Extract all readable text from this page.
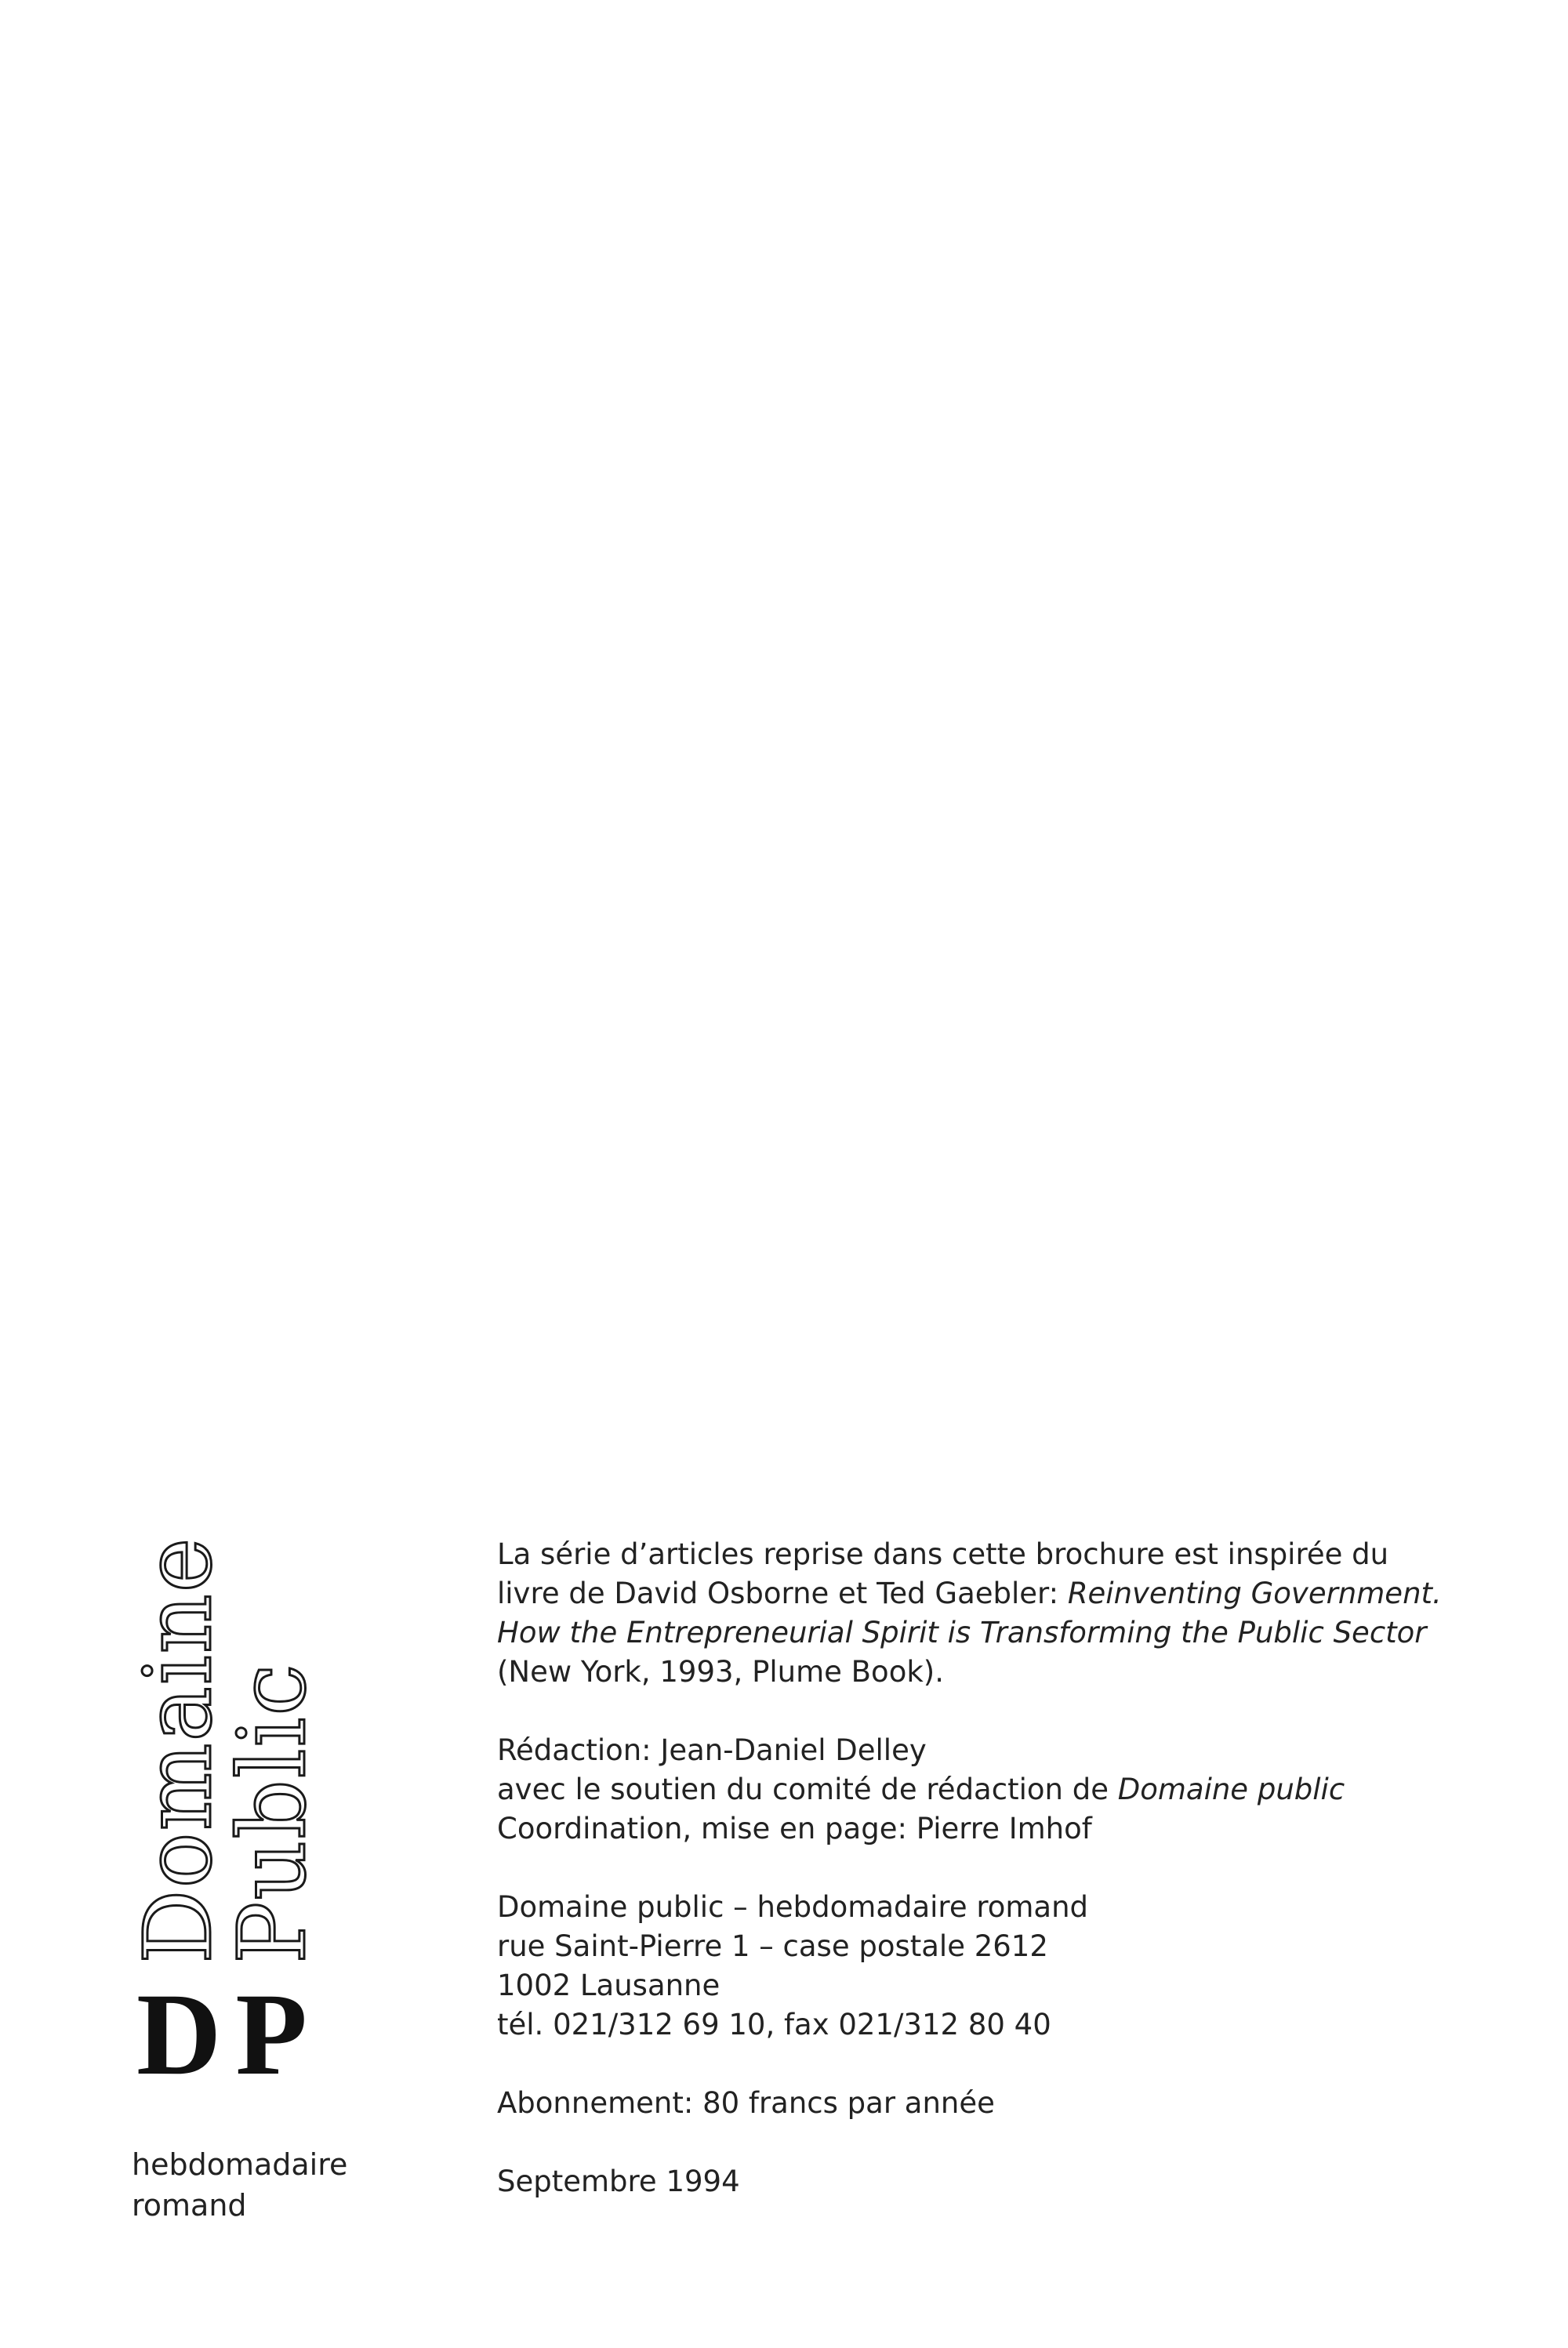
Domaine
Public
DP
hebdomadaire
romand

La série d’articles reprise dans cette brochure est inspirée du
livre de David Osborne et Ted Gaebler: Reinventing Government.
How the Entrepreneurial Spirit is Transforming the Public Sector
(New York, 1993, Plume Book).

Rédaction: Jean-Daniel Delley
avec le soutien du comité de rédaction de Domaine public
Coordination, mise en page: Pierre Imhof

Domaine public – hebdomadaire romand
rue Saint-Pierre 1 – case postale 2612
1002 Lausanne
tél. 021/312 69 10, fax 021/312 80 40

Abonnement: 80 francs par année

Septembre 1994
